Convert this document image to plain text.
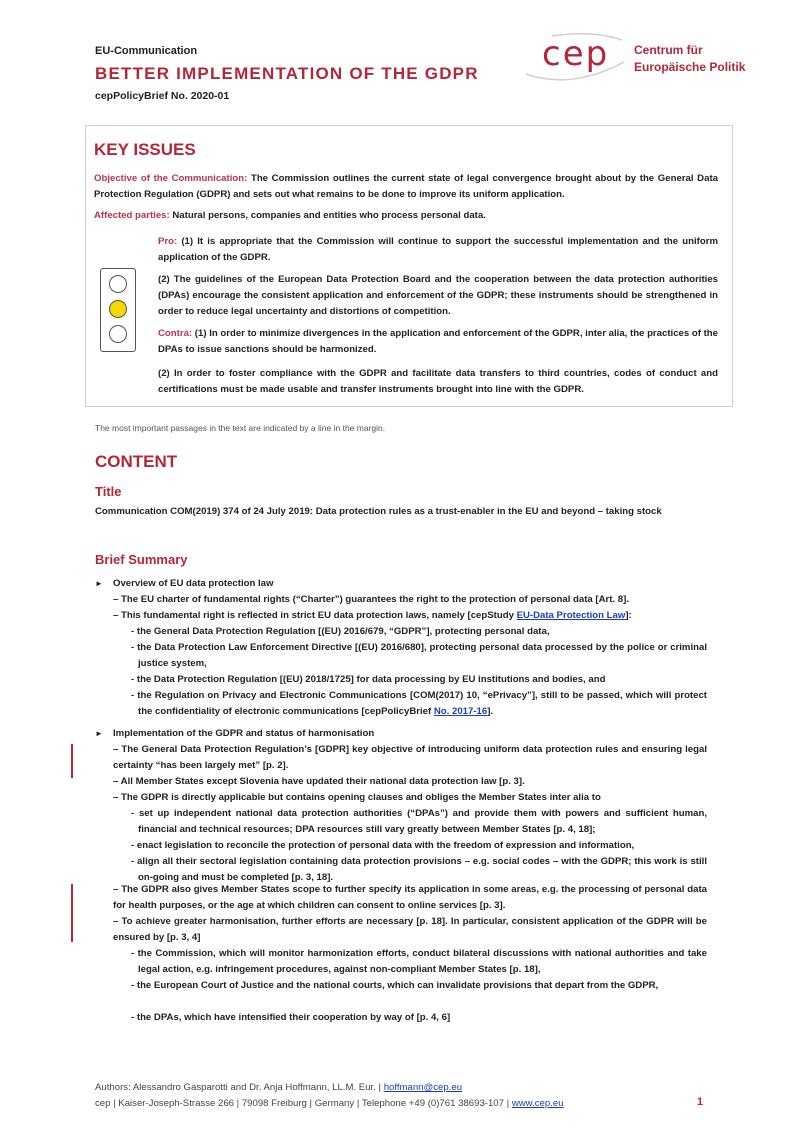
EU-Communication
BETTER IMPLEMENTATION OF THE GDPR
cepPolicyBrief No. 2020-01
cep Centrum für
Europäische Politik
KEY ISSUES
Objective of the Communication: The Commission outlines the current state of legal convergence brought about by the General Data Protection Regulation (GDPR) and sets out what remains to be done to improve its uniform application.
Affected parties: Natural persons, companies and entities who process personal data.
Pro: (1) It is appropriate that the Commission will continue to support the successful implementation and the uniform application of the GDPR.
(2) The guidelines of the European Data Protection Board and the cooperation between the data protection authorities (DPAs) encourage the consistent application and enforcement of the GDPR; these instruments should be strengthened in order to reduce legal uncertainty and distortions of competition.
Contra: (1) In order to minimize divergences in the application and enforcement of the GDPR, inter alia, the practices of the DPAs to issue sanctions should be harmonized.
(2) In order to foster compliance with the GDPR and facilitate data transfers to third countries, codes of conduct and certifications must be made usable and transfer instruments brought into line with the GDPR.
The most important passages in the text are indicated by a line in the margin.
CONTENT
Title
Communication COM(2019) 374 of 24 July 2019: Data protection rules as a trust-enabler in the EU and beyond – taking stock
Brief Summary
► Overview of EU data protection law
– The EU charter of fundamental rights (“Charter”) guarantees the right to the protection of personal data [Art. 8].
– This fundamental right is reflected in strict EU data protection laws, namely [cepStudy EU-Data Protection Law]:
- the General Data Protection Regulation [(EU) 2016/679, “GDPR”], protecting personal data,
- the Data Protection Law Enforcement Directive [(EU) 2016/680], protecting personal data processed by the police or criminal justice system,
- the Data Protection Regulation [(EU) 2018/1725] for data processing by EU institutions and bodies, and
- the Regulation on Privacy and Electronic Communications [COM(2017) 10, “ePrivacy”], still to be passed, which will protect the confidentiality of electronic communications [cepPolicyBrief No. 2017-16].
► Implementation of the GDPR and status of harmonisation
– The General Data Protection Regulation’s [GDPR] key objective of introducing uniform data protection rules and ensuring legal certainty “has been largely met” [p. 2].
– All Member States except Slovenia have updated their national data protection law [p. 3].
– The GDPR is directly applicable but contains opening clauses and obliges the Member States inter alia to
- set up independent national data protection authorities (“DPAs”) and provide them with powers and sufficient human, financial and technical resources; DPA resources still vary greatly between Member States [p. 4, 18];
- enact legislation to reconcile the protection of personal data with the freedom of expression and information,
- align all their sectoral legislation containing data protection provisions – e.g. social codes – with the GDPR; this work is still on-going and must be completed [p. 3, 18].
– The GDPR also gives Member States scope to further specify its application in some areas, e.g. the processing of personal data for health purposes, or the age at which children can consent to online services [p. 3].
– To achieve greater harmonisation, further efforts are necessary [p. 18]. In particular, consistent application of the GDPR will be ensured by [p. 3, 4]
- the Commission, which will monitor harmonization efforts, conduct bilateral discussions with national authorities and take legal action, e.g. infringement procedures, against non-compliant Member States [p. 18],
- the European Court of Justice and the national courts, which can invalidate provisions that depart from the GDPR,
- the DPAs, which have intensified their cooperation by way of [p. 4, 6]
Authors: Alessandro Gasparotti and Dr. Anja Hoffmann, LL.M. Eur. | hoffmann@cep.eu
cep | Kaiser-Joseph-Strasse 266 | 79098 Freiburg | Germany | Telephone +49 (0)761 38693-107 | www.cep.eu	1
